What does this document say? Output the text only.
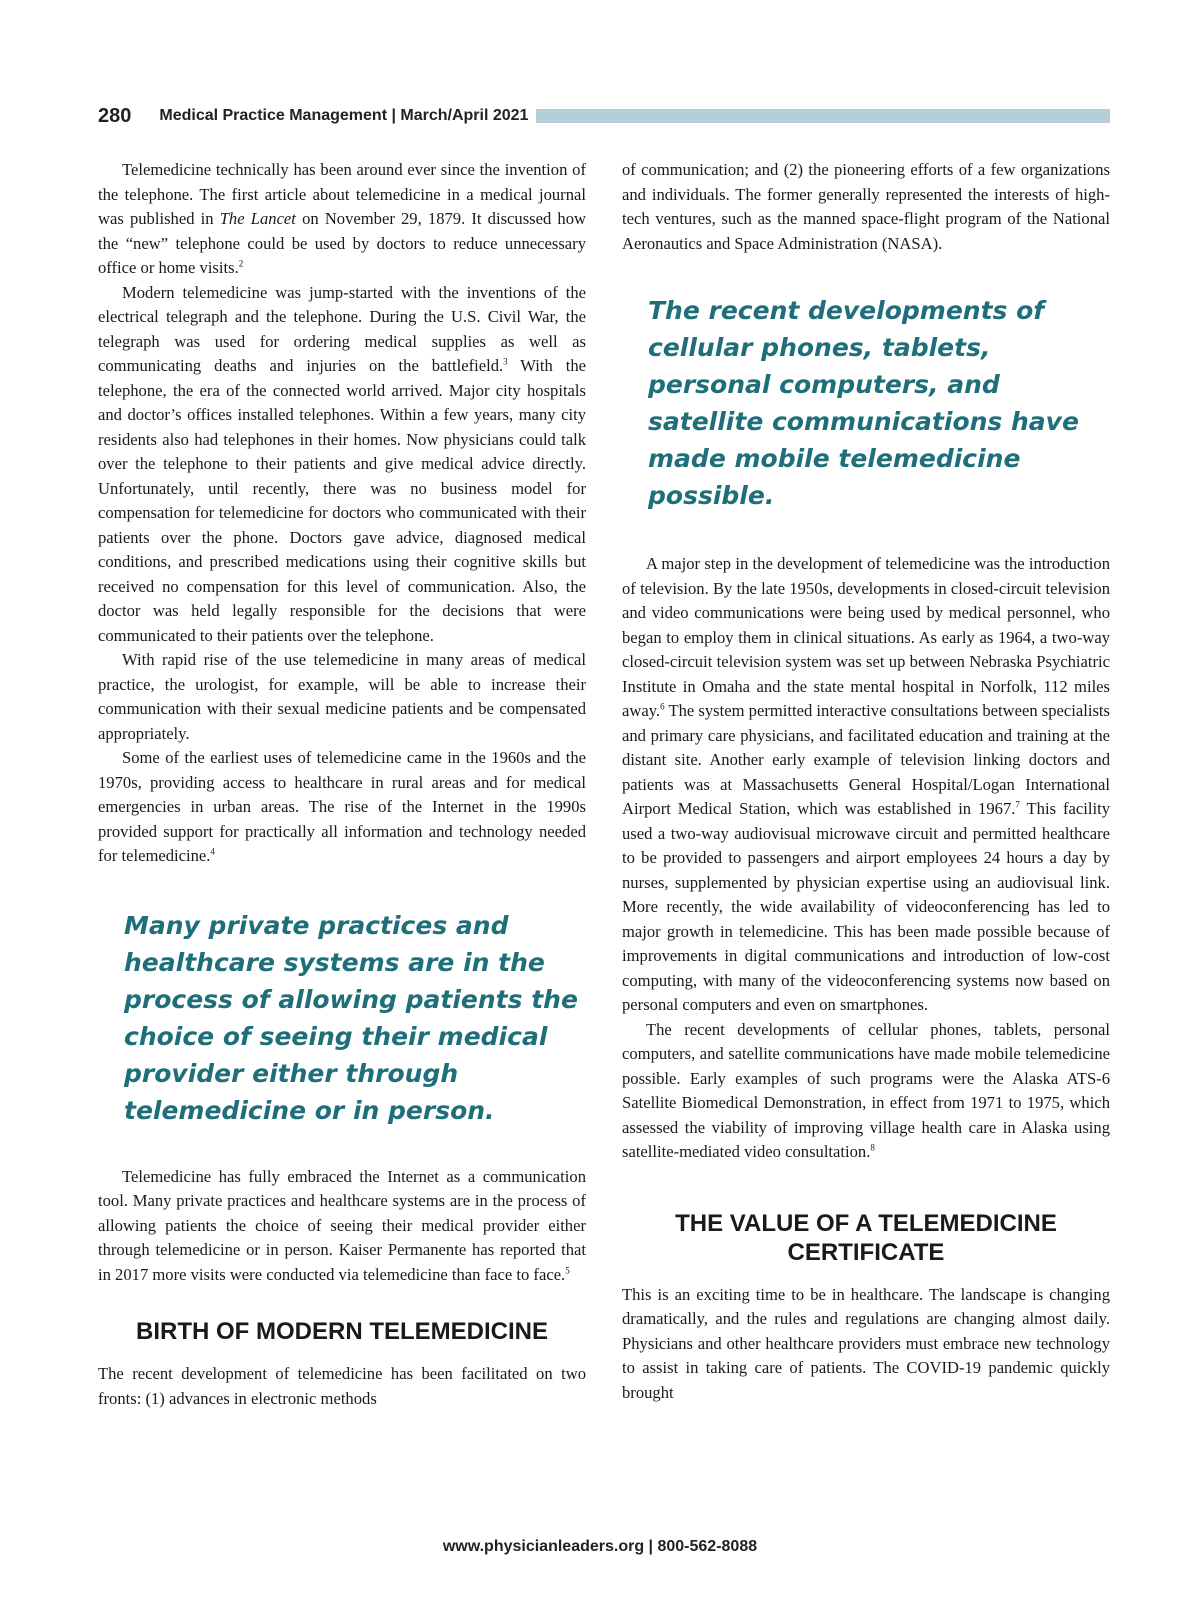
280 Medical Practice Management | March/April 2021

Telemedicine technically has been around ever since the invention of the telephone. The first article about telemedicine in a medical journal was published in The Lancet on November 29, 1879. It discussed how the “new” telephone could be used by doctors to reduce unnecessary office or home visits.$^2$

Modern telemedicine was jump-started with the inventions of the electrical telegraph and the telephone. During the U.S. Civil War, the telegraph was used for ordering medical supplies as well as communicating deaths and injuries on the battlefield.$^3$ With the telephone, the era of the connected world arrived. Major city hospitals and doctor’s offices installed telephones. Within a few years, many city residents also had telephones in their homes. Now physicians could talk over the telephone to their patients and give medical advice directly. Unfortunately, until recently, there was no business model for compensation for telemedicine for doctors who communicated with their patients over the phone. Doctors gave advice, diagnosed medical conditions, and prescribed medications using their cognitive skills but received no compensation for this level of communication. Also, the doctor was held legally responsible for the decisions that were communicated to their patients over the telephone.

With rapid rise of the use telemedicine in many areas of medical practice, the urologist, for example, will be able to increase their communication with their sexual medicine patients and be compensated appropriately.

Some of the earliest uses of telemedicine came in the 1960s and the 1970s, providing access to healthcare in rural areas and for medical emergencies in urban areas. The rise of the Internet in the 1990s provided support for practically all information and technology needed for telemedicine.$^4$

Many private practices and healthcare systems are in the process of allowing patients the choice of seeing their medical provider either through telemedicine or in person.

Telemedicine has fully embraced the Internet as a communication tool. Many private practices and healthcare systems are in the process of allowing patients the choice of seeing their medical provider either through telemedicine or in person. Kaiser Permanente has reported that in 2017 more visits were conducted via telemedicine than face to face.$^5$

BIRTH OF MODERN TELEMEDICINE

The recent development of telemedicine has been facilitated on two fronts: (1) advances in electronic methods

of communication; and (2) the pioneering efforts of a few organizations and individuals. The former generally represented the interests of high-tech ventures, such as the manned space-flight program of the National Aeronautics and Space Administration (NASA).

The recent developments of cellular phones, tablets, personal computers, and satellite communications have made mobile telemedicine possible.

A major step in the development of telemedicine was the introduction of television. By the late 1950s, developments in closed-circuit television and video communications were being used by medical personnel, who began to employ them in clinical situations. As early as 1964, a two-way closed-circuit television system was set up between Nebraska Psychiatric Institute in Omaha and the state mental hospital in Norfolk, 112 miles away.$^6$ The system permitted interactive consultations between specialists and primary care physicians, and facilitated education and training at the distant site. Another early example of television linking doctors and patients was at Massachusetts General Hospital/Logan International Airport Medical Station, which was established in 1967.$^7$ This facility used a two-way audiovisual microwave circuit and permitted healthcare to be provided to passengers and airport employees 24 hours a day by nurses, supplemented by physician expertise using an audiovisual link. More recently, the wide availability of videoconferencing has led to major growth in telemedicine. This has been made possible because of improvements in digital communications and introduction of low-cost computing, with many of the videoconferencing systems now based on personal computers and even on smartphones.

The recent developments of cellular phones, tablets, personal computers, and satellite communications have made mobile telemedicine possible. Early examples of such programs were the Alaska ATS-6 Satellite Biomedical Demonstration, in effect from 1971 to 1975, which assessed the viability of improving village health care in Alaska using satellite-mediated video consultation.$^8$

THE VALUE OF A TELEMEDICINE CERTIFICATE

This is an exciting time to be in healthcare. The landscape is changing dramatically, and the rules and regulations are changing almost daily. Physicians and other healthcare providers must embrace new technology to assist in taking care of patients. The COVID-19 pandemic quickly brought

www.physicianleaders.org | 800-562-8088
